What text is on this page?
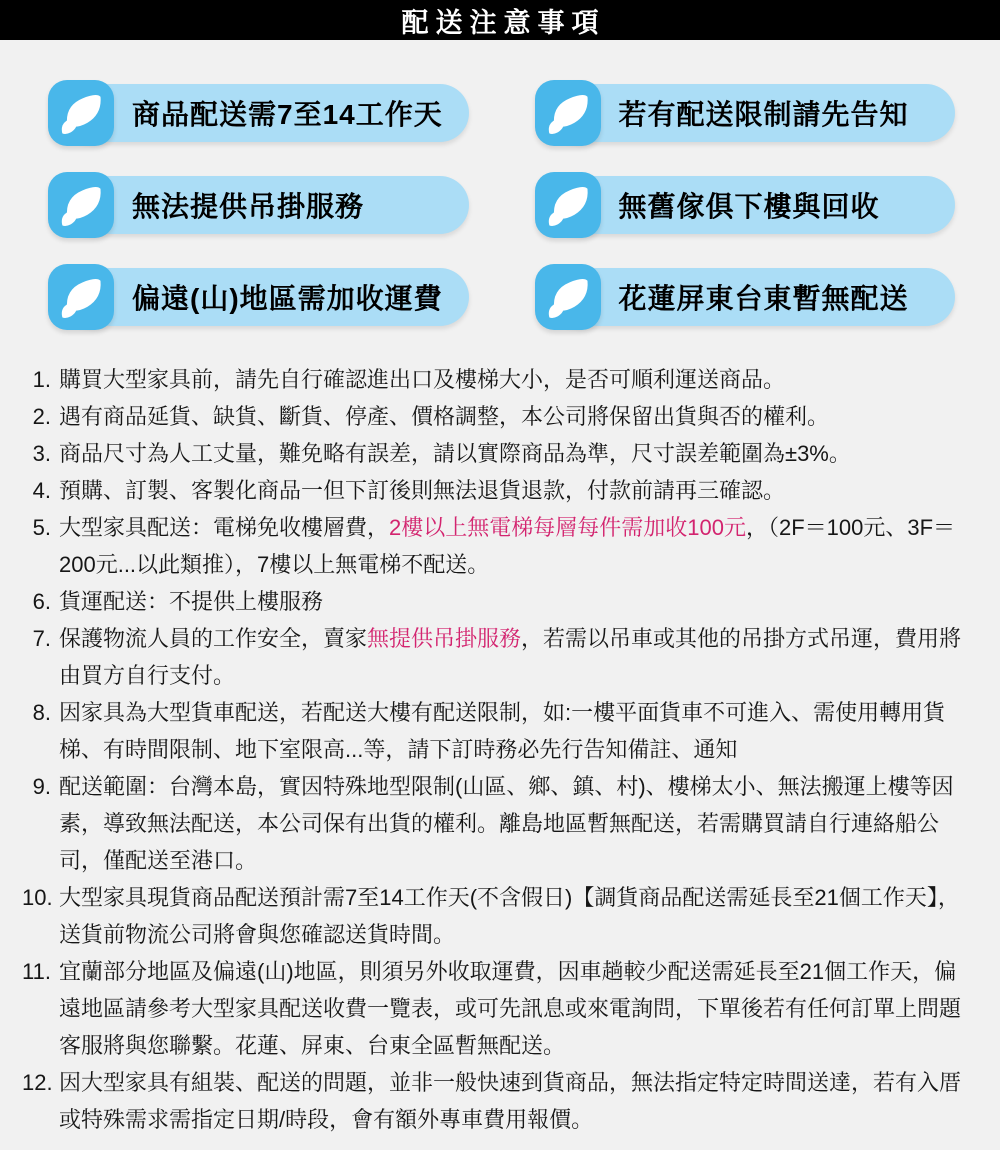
配送注意事項
商品配送需7至14工作天	若有配送限制請先告知
無法提供吊掛服務	無舊傢俱下樓與回收
偏遠(山)地區需加收運費	花蓮屏東台東暫無配送
1. 購買大型家具前，請先自行確認進出口及樓梯大小，是否可順利運送商品。
2. 遇有商品延貨、缺貨、斷貨、停產、價格調整，本公司將保留出貨與否的權利。
3. 商品尺寸為人工丈量，難免略有誤差，請以實際商品為準，尺寸誤差範圍為±3%。
4. 預購、訂製、客製化商品一但下訂後則無法退貨退款，付款前請再三確認。
5. 大型家具配送：電梯免收樓層費，2樓以上無電梯每層每件需加收100元，（2F＝100元、3F＝200元...以此類推），7樓以上無電梯不配送。
6. 貨運配送：不提供上樓服務
7. 保護物流人員的工作安全，賣家無提供吊掛服務，若需以吊車或其他的吊掛方式吊運，費用將由買方自行支付。
8. 因家具為大型貨車配送，若配送大樓有配送限制，如:一樓平面貨車不可進入、需使用轉用貨梯、有時間限制、地下室限高...等，請下訂時務必先行告知備註、通知
9. 配送範圍：台灣本島，實因特殊地型限制(山區、鄉、鎮、村)、樓梯太小、無法搬運上樓等因素，導致無法配送，本公司保有出貨的權利。離島地區暫無配送，若需購買請自行連絡船公司，僅配送至港口。
10. 大型家具現貨商品配送預計需7至14工作天(不含假日)【調貨商品配送需延長至21個工作天】，送貨前物流公司將會與您確認送貨時間。
11. 宜蘭部分地區及偏遠(山)地區，則須另外收取運費，因車趟較少配送需延長至21個工作天，偏遠地區請參考大型家具配送收費一覽表，或可先訊息或來電詢問，下單後若有任何訂單上問題客服將與您聯繫。花蓮、屏東、台東全區暫無配送。
12. 因大型家具有組裝、配送的問題，並非一般快速到貨商品，無法指定特定時間送達，若有入厝或特殊需求需指定日期/時段，會有額外專車費用報價。
